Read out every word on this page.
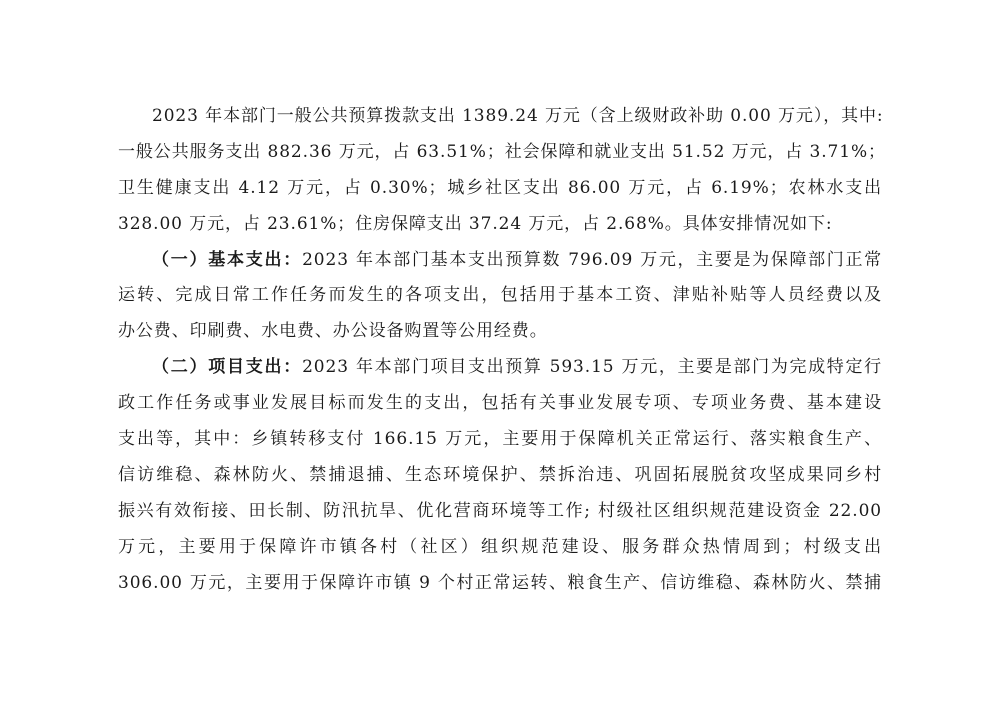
2023 年本部门一般公共预算拨款支出 1389.24 万元（含上级财政补助 0.00 万元），其中:
一般公共服务支出 882.36 万元，占 63.51%；社会保障和就业支出 51.52 万元，占 3.71%；
卫生健康支出 4.12 万元，占 0.30%；城乡社区支出 86.00 万元，占 6.19%；农林水支出
328.00 万元，占 23.61%；住房保障支出 37.24 万元，占 2.68%。具体安排情况如下:
（一）基本支出：2023 年本部门基本支出预算数 796.09 万元，主要是为保障部门正常
运转、完成日常工作任务而发生的各项支出，包括用于基本工资、津贴补贴等人员经费以及
办公费、印刷费、水电费、办公设备购置等公用经费。
（二）项目支出：2023 年本部门项目支出预算 593.15 万元，主要是部门为完成特定行
政工作任务或事业发展目标而发生的支出，包括有关事业发展专项、专项业务费、基本建设
支出等，其中：乡镇转移支付 166.15 万元，主要用于保障机关正常运行、落实粮食生产、
信访维稳、森林防火、禁捕退捕、生态环境保护、禁拆治违、巩固拓展脱贫攻坚成果同乡村
振兴有效衔接、田长制、防汛抗旱、优化营商环境等工作; 村级社区组织规范建设资金 22.00
万元，主要用于保障许市镇各村（社区）组织规范建设、服务群众热情周到；村级支出
306.00 万元，主要用于保障许市镇 9 个村正常运转、粮食生产、信访维稳、森林防火、禁捕
